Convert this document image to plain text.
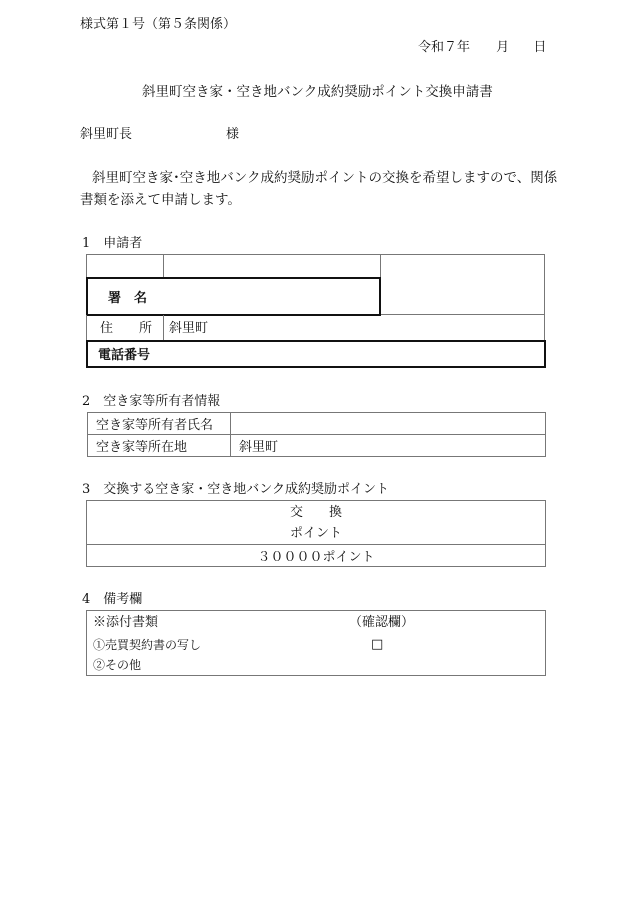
様式第１号（第５条関係）
令和７年 月 日
斜里町空き家・空き地バンク成約奨励ポイント交換申請書
斜里町長	様
斜里町空き家･空き地バンク成約奨励ポイントの交換を希望しますので、関係
書類を添えて申請します。
1　申請者
署　名
住　　所 斜里町
電話番号
2　空き家等所有者情報
空き家等所有者氏名	
空き家等所在地	斜里町
3　交換する空き家・空き地バンク成約奨励ポイント
交　　換
ポイント

３００００ポイント
4　備考欄
※添付書類	（確認欄）
①売買契約書の写し	□
②その他
